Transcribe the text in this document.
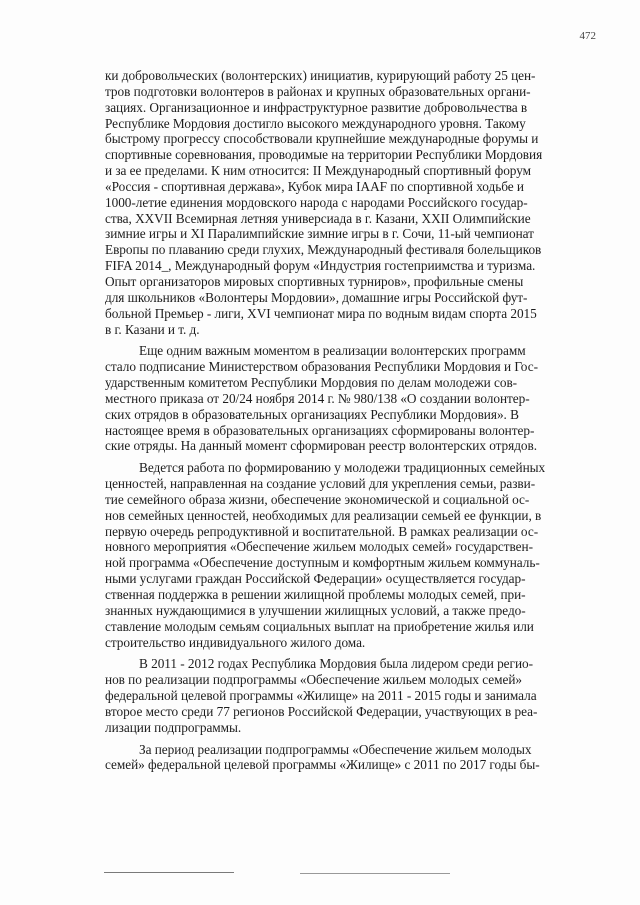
472

ки добровольческих (волонтерских) инициатив, курирующий работу 25 цен-
тров подготовки волонтеров в районах и крупных образовательных органи-
зациях. Организационное и инфраструктурное развитие добровольчества в
Республике Мордовия достигло высокого международного уровня. Такому
быстрому прогрессу способствовали крупнейшие международные форумы и
спортивные соревнования, проводимые на территории Республики Мордовия
и за ее пределами. К ним относится: II Международный спортивный форум
«Россия - спортивная держава», Кубок мира IAAF по спортивной ходьбе и
1000-летие единения мордовского народа с народами Российского государ-
ства, XXVII Всемирная летняя универсиада в г. Казани, XXII Олимпийские
зимние игры и XI Паралимпийские зимние игры в г. Сочи, 11-ый чемпионат
Европы по плаванию среди глухих, Международный фестиваля болельщиков
FIFA 2014_, Международный форум «Индустрия гостеприимства и туризма.
Опыт организаторов мировых спортивных турниров», профильные смены
для школьников «Волонтеры Мордовии», домашние игры Российской фут-
больной Премьер - лиги, XVI чемпионат мира по водным видам спорта 2015
в г. Казани и т. д.

Еще одним важным моментом в реализации волонтерских программ
стало подписание Министерством образования Республики Мордовия и Гос-
ударственным комитетом Республики Мордовия по делам молодежи сов-
местного приказа от 20/24 ноября 2014 г. № 980/138 «О создании волонтер-
ских отрядов в образовательных организациях Республики Мордовия». В
настоящее время в образовательных организациях сформированы волонтер-
ские отряды. На данный момент сформирован реестр волонтерских отрядов.

Ведется работа по формированию у молодежи традиционных семейных
ценностей, направленная на создание условий для укрепления семьи, разви-
тие семейного образа жизни, обеспечение экономической и социальной ос-
нов семейных ценностей, необходимых для реализации семьей ее функции, в
первую очередь репродуктивной и воспитательной. В рамках реализации ос-
новного мероприятия «Обеспечение жильем молодых семей» государствен-
ной программа «Обеспечение доступным и комфортным жильем коммуналь-
ными услугами граждан Российской Федерации» осуществляется государ-
ственная поддержка в решении жилищной проблемы молодых семей, при-
знанных нуждающимися в улучшении жилищных условий, а также предо-
ставление молодым семьям социальных выплат на приобретение жилья или
строительство индивидуального жилого дома.

В 2011 - 2012 годах Республика Мордовия была лидером среди регио-
нов по реализации подпрограммы «Обеспечение жильем молодых семей»
федеральной целевой программы «Жилище» на 2011 - 2015 годы и занимала
второе место среди 77 регионов Российской Федерации, участвующих в реа-
лизации подпрограммы.

За период реализации подпрограммы «Обеспечение жильем молодых
семей» федеральной целевой программы «Жилище» с 2011 по 2017 годы бы-
